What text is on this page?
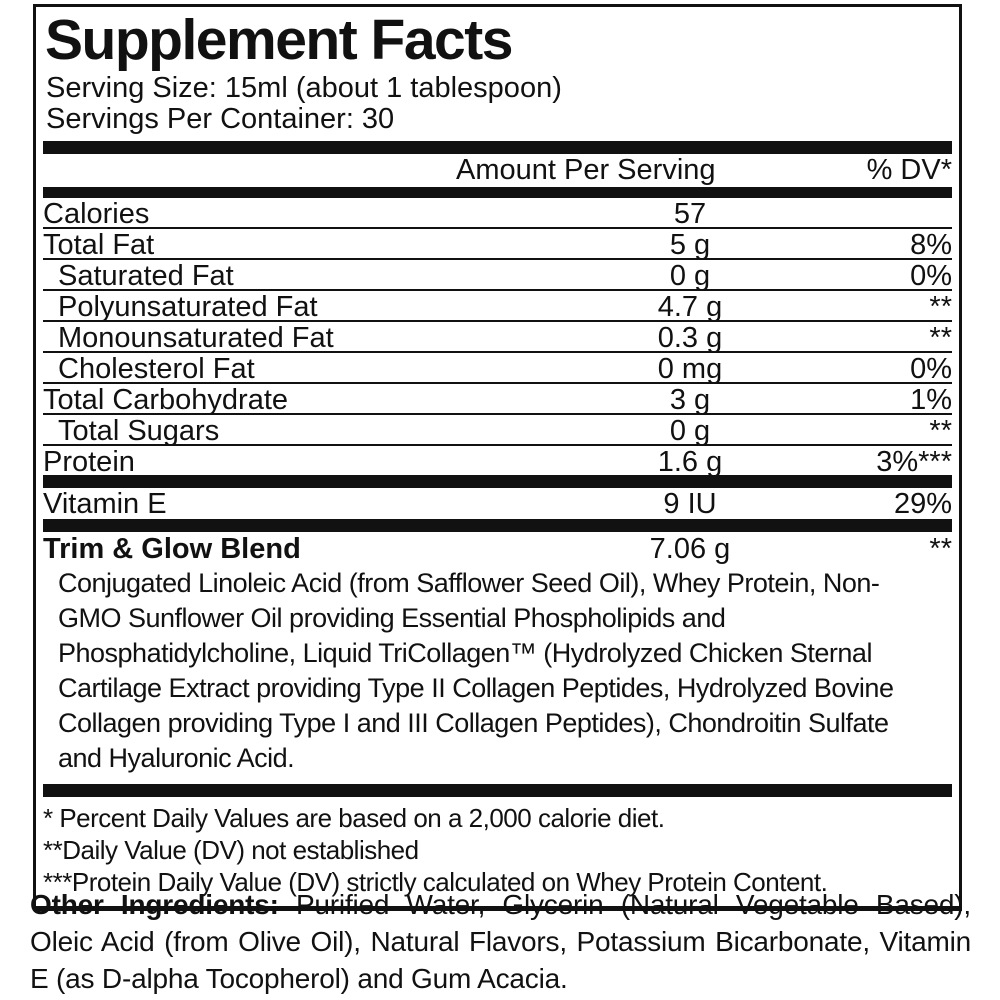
Supplement Facts
Serving Size: 15ml (about 1 tablespoon)
Servings Per Container: 30
Amount Per Serving	% DV*
Calories	57
Total Fat	5 g	8%
Saturated Fat	0 g	0%
Polyunsaturated Fat	4.7 g	**
Monounsaturated Fat	0.3 g	**
Cholesterol Fat	0 mg	0%
Total Carbohydrate	3 g	1%
Total Sugars	0 g	**
Protein	1.6 g	3%***
Vitamin E	9 IU	29%
Trim & Glow Blend	7.06 g	**
Conjugated Linoleic Acid (from Safflower Seed Oil), Whey Protein, Non-GMO Sunflower Oil providing Essential Phospholipids and Phosphatidylcholine, Liquid TriCollagen™ (Hydrolyzed Chicken Sternal Cartilage Extract providing Type II Collagen Peptides, Hydrolyzed Bovine Collagen providing Type I and III Collagen Peptides), Chondroitin Sulfate and Hyaluronic Acid.
* Percent Daily Values are based on a 2,000 calorie diet.
**Daily Value (DV) not established
***Protein Daily Value (DV) strictly calculated on Whey Protein Content.

Other Ingredients: Purified Water, Glycerin (Natural Vegetable Based), Oleic Acid (from Olive Oil), Natural Flavors, Potassium Bicarbonate, Vitamin E (as D-alpha Tocopherol) and Gum Acacia.
